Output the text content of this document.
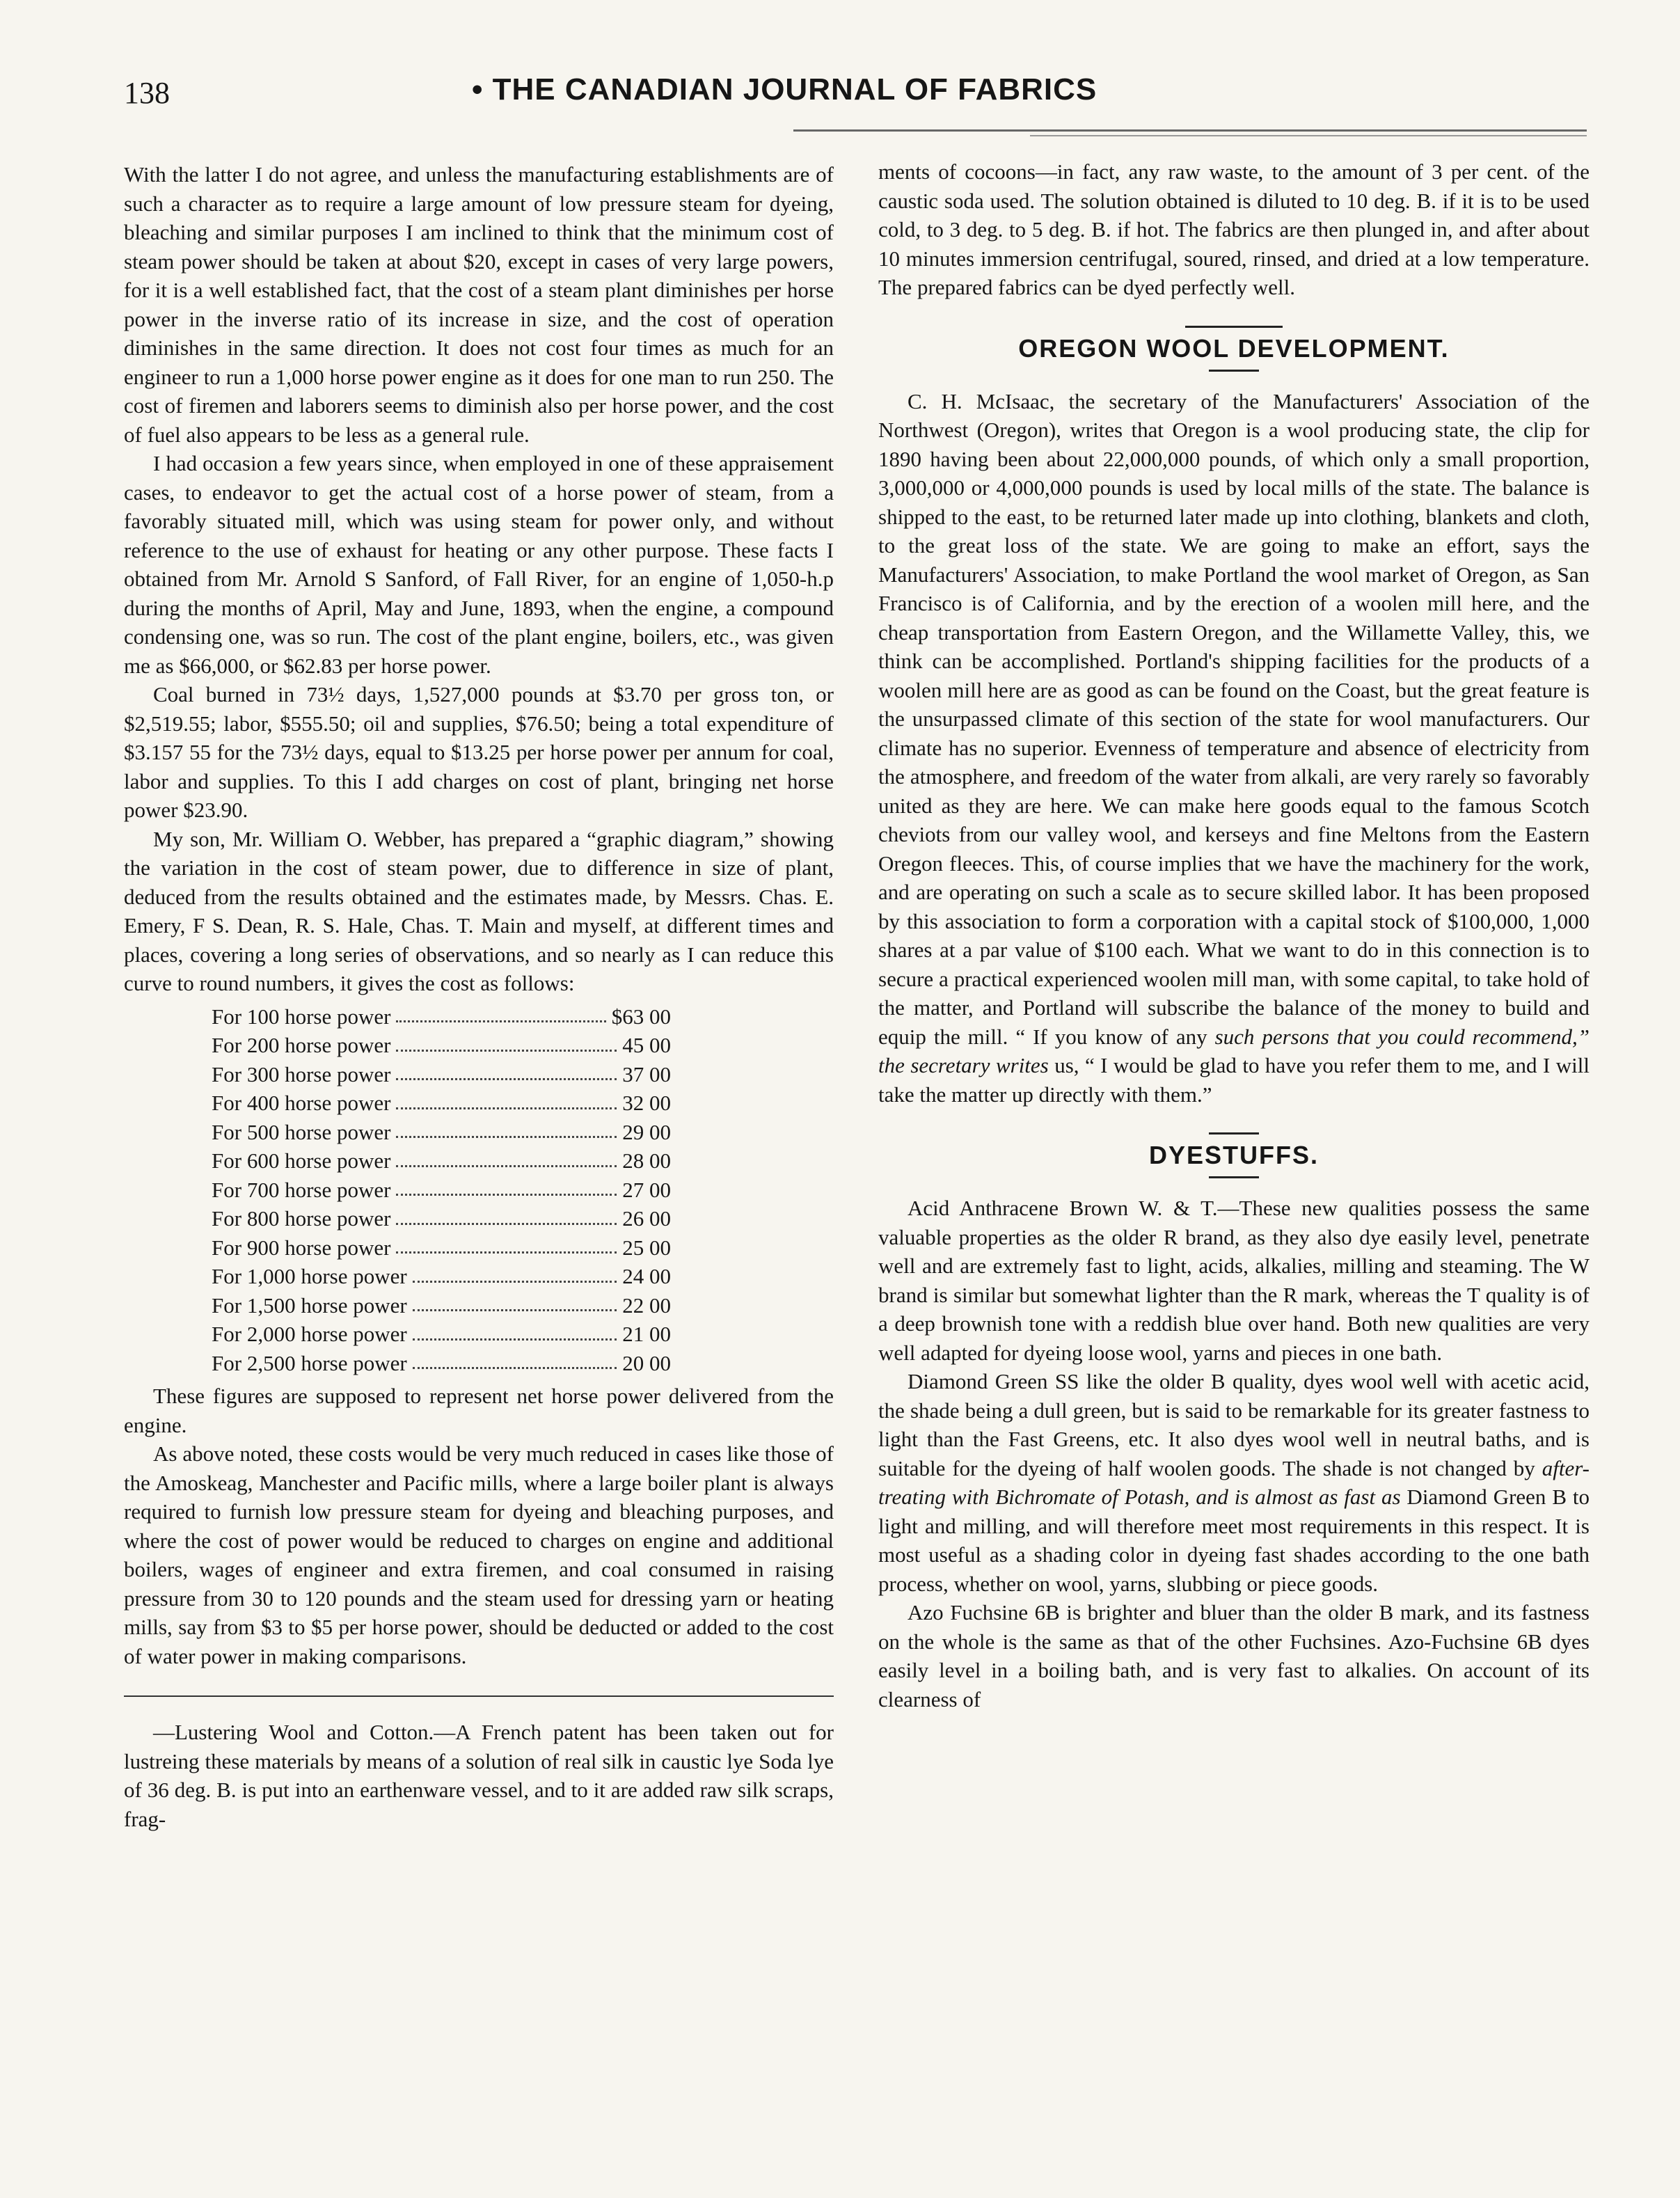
138	• THE CANADIAN JOURNAL OF FABRICS

With the latter I do not agree, and unless the manufacturing establishments are of such a character as to require a large amount of low pressure steam for dyeing, bleaching and similar purposes I am inclined to think that the minimum cost of steam power should be taken at about $20, except in cases of very large powers, for it is a well established fact, that the cost of a steam plant diminishes per horse power in the inverse ratio of its increase in size, and the cost of operation diminishes in the same direction. It does not cost four times as much for an engineer to run a 1,000 horse power engine as it does for one man to run 250. The cost of firemen and laborers seems to diminish also per horse power, and the cost of fuel also appears to be less as a general rule.

I had occasion a few years since, when employed in one of these appraisement cases, to endeavor to get the actual cost of a horse power of steam, from a favorably situated mill, which was using steam for power only, and without reference to the use of exhaust for heating or any other purpose. These facts I obtained from Mr. Arnold S Sanford, of Fall River, for an engine of 1,050-h.p during the months of April, May and June, 1893, when the engine, a compound condensing one, was so run. The cost of the plant engine, boilers, etc., was given me as $66,000, or $62.83 per horse power.

Coal burned in 73½ days, 1,527,000 pounds at $3.70 per gross ton, or $2,519.55; labor, $555.50; oil and supplies, $76.50; being a total expenditure of $3.157 55 for the 73½ days, equal to $13.25 per horse power per annum for coal, labor and supplies. To this I add charges on cost of plant, bringing net horse power $23.90.

My son, Mr. William O. Webber, has prepared a “graphic diagram,” showing the variation in the cost of steam power, due to difference in size of plant, deduced from the results obtained and the estimates made, by Messrs. Chas. E. Emery, F S. Dean, R. S. Hale, Chas. T. Main and myself, at different times and places, covering a long series of observations, and so nearly as I can reduce this curve to round numbers, it gives the cost as follows:

For 100 horse power	$63 00
For 200 horse power	45 00
For 300 horse power	37 00
For 400 horse power	32 00
For 500 horse power	29 00
For 600 horse power	28 00
For 700 horse power	27 00
For 800 horse power	26 00
For 900 horse power	25 00
For 1,000 horse power	24 00
For 1,500 horse power	22 00
For 2,000 horse power	21 00
For 2,500 horse power	20 00

These figures are supposed to represent net horse power delivered from the engine.

As above noted, these costs would be very much reduced in cases like those of the Amoskeag, Manchester and Pacific mills, where a large boiler plant is always required to furnish low pressure steam for dyeing and bleaching purposes, and where the cost of power would be reduced to charges on engine and additional boilers, wages of engineer and extra firemen, and coal consumed in raising pressure from 30 to 120 pounds and the steam used for dressing yarn or heating mills, say from $3 to $5 per horse power, should be deducted or added to the cost of water power in making comparisons.

—Lustering Wool and Cotton.—A French patent has been taken out for lustreing these materials by means of a solution of real silk in caustic lye Soda lye of 36 deg. B. is put into an earthenware vessel, and to it are added raw silk scraps, frag-

ments of cocoons—in fact, any raw waste, to the amount of 3 per cent. of the caustic soda used. The solution obtained is diluted to 10 deg. B. if it is to be used cold, to 3 deg. to 5 deg. B. if hot. The fabrics are then plunged in, and after about 10 minutes immersion centrifugal, soured, rinsed, and dried at a low temperature. The prepared fabrics can be dyed perfectly well.

OREGON WOOL DEVELOPMENT.

C. H. McIsaac, the secretary of the Manufacturers' Association of the Northwest (Oregon), writes that Oregon is a wool producing state, the clip for 1890 having been about 22,000,000 pounds, of which only a small proportion, 3,000,000 or 4,000,000 pounds is used by local mills of the state. The balance is shipped to the east, to be returned later made up into clothing, blankets and cloth, to the great loss of the state. We are going to make an effort, says the Manufacturers' Association, to make Portland the wool market of Oregon, as San Francisco is of California, and by the erection of a woolen mill here, and the cheap transportation from Eastern Oregon, and the Willamette Valley, this, we think can be accomplished. Portland's shipping facilities for the products of a woolen mill here are as good as can be found on the Coast, but the great feature is the unsurpassed climate of this section of the state for wool manufacturers. Our climate has no superior. Evenness of temperature and absence of electricity from the atmosphere, and freedom of the water from alkali, are very rarely so favorably united as they are here. We can make here goods equal to the famous Scotch cheviots from our valley wool, and kerseys and fine Meltons from the Eastern Oregon fleeces. This, of course implies that we have the machinery for the work, and are operating on such a scale as to secure skilled labor. It has been proposed by this association to form a corporation with a capital stock of $100,000, 1,000 shares at a par value of $100 each. What we want to do in this connection is to secure a practical experienced woolen mill man, with some capital, to take hold of the matter, and Portland will subscribe the balance of the money to build and equip the mill. “ If you know of any such persons that you could recommend,” the secretary writes us, “ I would be glad to have you refer them to me, and I will take the matter up directly with them.”

DYESTUFFS.

Acid Anthracene Brown W. & T.—These new qualities possess the same valuable properties as the older R brand, as they also dye easily level, penetrate well and are extremely fast to light, acids, alkalies, milling and steaming. The W brand is similar but somewhat lighter than the R mark, whereas the T quality is of a deep brownish tone with a reddish blue over hand. Both new qualities are very well adapted for dyeing loose wool, yarns and pieces in one bath.

Diamond Green SS like the older B quality, dyes wool well with acetic acid, the shade being a dull green, but is said to be remarkable for its greater fastness to light than the Fast Greens, etc. It also dyes wool well in neutral baths, and is suitable for the dyeing of half woolen goods. The shade is not changed by after-treating with Bichromate of Potash, and is almost as fast as Diamond Green B to light and milling, and will therefore meet most requirements in this respect. It is most useful as a shading color in dyeing fast shades according to the one bath process, whether on wool, yarns, slubbing or piece goods.

Azo Fuchsine 6B is brighter and bluer than the older B mark, and its fastness on the whole is the same as that of the other Fuchsines. Azo-Fuchsine 6B dyes easily level in a boiling bath, and is very fast to alkalies. On account of its clearness of
